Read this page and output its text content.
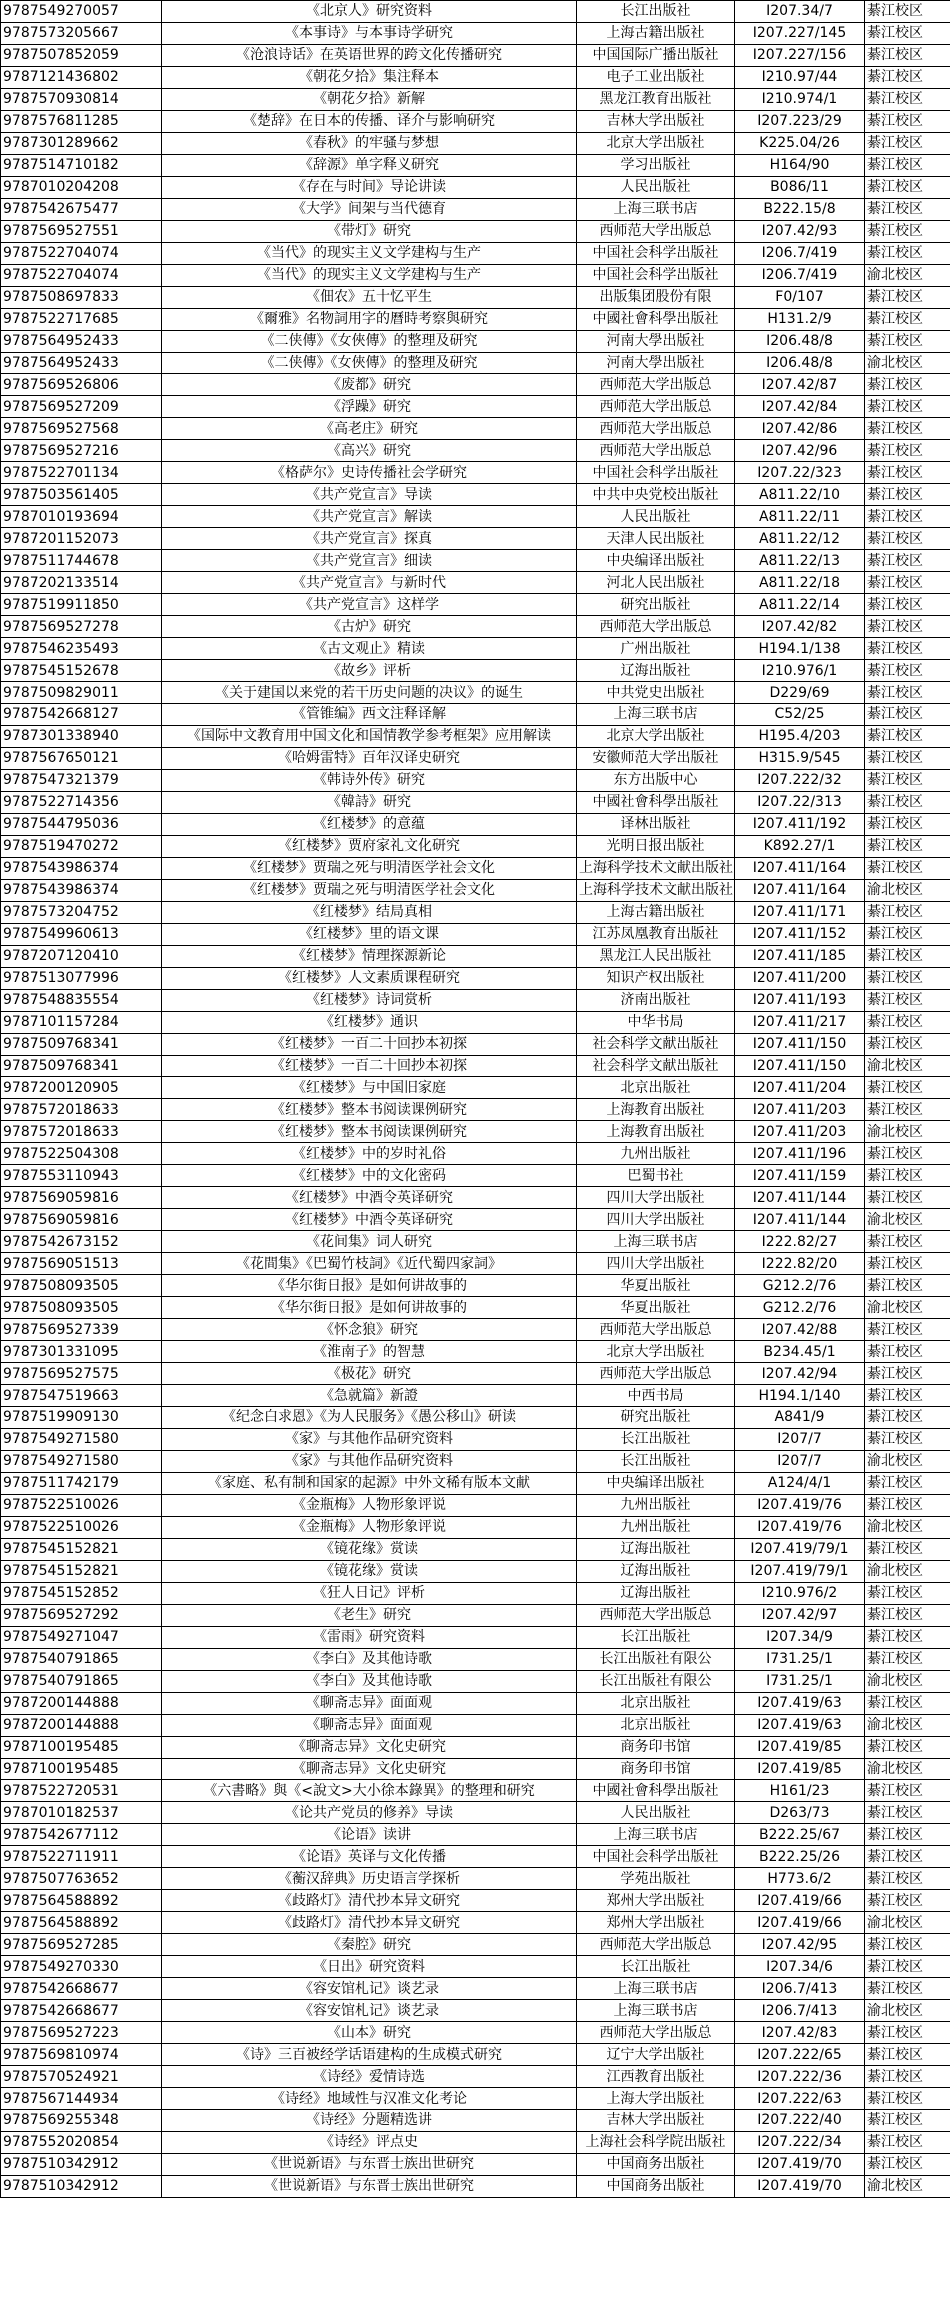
9787549270057	《北京人》研究资料	长江出版社	I207.34/7	綦江校区
9787573205667	《本事诗》与本事诗学研究	上海古籍出版社	I207.227/145	綦江校区
9787507852059	《沧浪诗话》在英语世界的跨文化传播研究	中国国际广播出版社	I207.227/156	綦江校区
9787121436802	《朝花夕拾》集注释本	电子工业出版社	I210.97/44	綦江校区
9787570930814	《朝花夕拾》新解	黑龙江教育出版社	I210.974/1	綦江校区
9787576811285	《楚辞》在日本的传播、译介与影响研究	吉林大学出版社	I207.223/29	綦江校区
9787301289662	《春秋》的牢骚与梦想	北京大学出版社	K225.04/26	綦江校区
9787514710182	《辞源》单字释义研究	学习出版社	H164/90	綦江校区
9787010204208	《存在与时间》导论讲读	人民出版社	B086/11	綦江校区
9787542675477	《大学》间架与当代德育	上海三联书店	B222.15/8	綦江校区
9787569527551	《带灯》研究	西师范大学出版总	I207.42/93	綦江校区
9787522704074	《当代》的现实主义文学建构与生产	中国社会科学出版社	I206.7/419	綦江校区
9787522704074	《当代》的现实主义文学建构与生产	中国社会科学出版社	I206.7/419	渝北校区
9787508697833	《佃农》五十忆平生	出版集团股份有限	F0/107	綦江校区
9787522717685	《爾雅》名物詞用字的曆時考察與研究	中國社會科學出版社	H131.2/9	綦江校区
9787564952433	《二侠傳》《女俠傳》的整理及研究	河南大學出版社	I206.48/8	綦江校区
9787564952433	《二侠傳》《女俠傳》的整理及研究	河南大學出版社	I206.48/8	渝北校区
9787569526806	《废都》研究	西师范大学出版总	I207.42/87	綦江校区
9787569527209	《浮躁》研究	西师范大学出版总	I207.42/84	綦江校区
9787569527568	《高老庄》研究	西师范大学出版总	I207.42/86	綦江校区
9787569527216	《高兴》研究	西师范大学出版总	I207.42/96	綦江校区
9787522701134	《格萨尔》史诗传播社会学研究	中国社会科学出版社	I207.22/323	綦江校区
9787503561405	《共产党宣言》导读	中共中央党校出版社	A811.22/10	綦江校区
9787010193694	《共产党宣言》解读	人民出版社	A811.22/11	綦江校区
9787201152073	《共产党宣言》探真	天津人民出版社	A811.22/12	綦江校区
9787511744678	《共产党宣言》细读	中央编译出版社	A811.22/13	綦江校区
9787202133514	《共产党宣言》与新时代	河北人民出版社	A811.22/18	綦江校区
9787519911850	《共产党宣言》这样学	研究出版社	A811.22/14	綦江校区
9787569527278	《古炉》研究	西师范大学出版总	I207.42/82	綦江校区
9787546235493	《古文观止》精读	广州出版社	H194.1/138	綦江校区
9787545152678	《故乡》评析	辽海出版社	I210.976/1	綦江校区
9787509829011	《关于建国以来党的若干历史问题的决议》的诞生	中共党史出版社	D229/69	綦江校区
9787542668127	《管锥编》西文注释译解	上海三联书店	C52/25	綦江校区
9787301338940	《国际中文教育用中国文化和国情教学参考框架》应用解读	北京大学出版社	H195.4/203	綦江校区
9787567650121	《哈姆雷特》百年汉译史研究	安徽师范大学出版社	H315.9/545	綦江校区
9787547321379	《韩诗外传》研究	东方出版中心	I207.222/32	綦江校区
9787522714356	《韓詩》研究	中國社會科學出版社	I207.22/313	綦江校区
9787544795036	《红楼梦》的意蕴	译林出版社	I207.411/192	綦江校区
9787519470272	《红楼梦》贾府家礼文化研究	光明日报出版社	K892.27/1	綦江校区
9787543986374	《红楼梦》贾瑞之死与明清医学社会文化	上海科学技术文献出版社	I207.411/164	綦江校区
9787543986374	《红楼梦》贾瑞之死与明清医学社会文化	上海科学技术文献出版社	I207.411/164	渝北校区
9787573204752	《红楼梦》结局真相	上海古籍出版社	I207.411/171	綦江校区
9787549960613	《红楼梦》里的语文课	江苏凤凰教育出版社	I207.411/152	綦江校区
9787207120410	《红楼梦》情理探源新论	黑龙江人民出版社	I207.411/185	綦江校区
9787513077996	《红楼梦》人文素质课程研究	知识产权出版社	I207.411/200	綦江校区
9787548835554	《红楼梦》诗词赏析	济南出版社	I207.411/193	綦江校区
9787101157284	《红楼梦》通识	中华书局	I207.411/217	綦江校区
9787509768341	《红楼梦》一百二十回抄本初探	社会科学文献出版社	I207.411/150	綦江校区
9787509768341	《红楼梦》一百二十回抄本初探	社会科学文献出版社	I207.411/150	渝北校区
9787200120905	《红楼梦》与中国旧家庭	北京出版社	I207.411/204	綦江校区
9787572018633	《红楼梦》整本书阅读课例研究	上海教育出版社	I207.411/203	綦江校区
9787572018633	《红楼梦》整本书阅读课例研究	上海教育出版社	I207.411/203	渝北校区
9787522504308	《红楼梦》中的岁时礼俗	九州出版社	I207.411/196	綦江校区
9787553110943	《红楼梦》中的文化密码	巴蜀书社	I207.411/159	綦江校区
9787569059816	《红楼梦》中酒令英译研究	四川大学出版社	I207.411/144	綦江校区
9787569059816	《红楼梦》中酒令英译研究	四川大学出版社	I207.411/144	渝北校区
9787542673152	《花间集》词人研究	上海三联书店	I222.82/27	綦江校区
9787569051513	《花間集》《巴蜀竹枝詞》《近代蜀四家詞》	四川大学出版社	I222.82/20	綦江校区
9787508093505	《华尔街日报》是如何讲故事的	华夏出版社	G212.2/76	綦江校区
9787508093505	《华尔街日报》是如何讲故事的	华夏出版社	G212.2/76	渝北校区
9787569527339	《怀念狼》研究	西师范大学出版总	I207.42/88	綦江校区
9787301331095	《淮南子》的智慧	北京大学出版社	B234.45/1	綦江校区
9787569527575	《极花》研究	西师范大学出版总	I207.42/94	綦江校区
9787547519663	《急就篇》新證	中西书局	H194.1/140	綦江校区
9787519909130	《纪念白求恩》《为人民服务》《愚公移山》研读	研究出版社	A841/9	綦江校区
9787549271580	《家》与其他作品研究资料	长江出版社	I207/7	綦江校区
9787549271580	《家》与其他作品研究资料	长江出版社	I207/7	渝北校区
9787511742179	《家庭、私有制和国家的起源》中外文稀有版本文献	中央编译出版社	A124/4/1	綦江校区
9787522510026	《金瓶梅》人物形象评说	九州出版社	I207.419/76	綦江校区
9787522510026	《金瓶梅》人物形象评说	九州出版社	I207.419/76	渝北校区
9787545152821	《镜花缘》赏读	辽海出版社	I207.419/79/1	綦江校区
9787545152821	《镜花缘》赏读	辽海出版社	I207.419/79/1	渝北校区
9787545152852	《狂人日记》评析	辽海出版社	I210.976/2	綦江校区
9787569527292	《老生》研究	西师范大学出版总	I207.42/97	綦江校区
9787549271047	《雷雨》研究资料	长江出版社	I207.34/9	綦江校区
9787540791865	《李白》及其他诗歌	长江出版社有限公	I731.25/1	綦江校区
9787540791865	《李白》及其他诗歌	长江出版社有限公	I731.25/1	渝北校区
9787200144888	《聊斋志异》面面观	北京出版社	I207.419/63	綦江校区
9787200144888	《聊斋志异》面面观	北京出版社	I207.419/63	渝北校区
9787100195485	《聊斋志异》文化史研究	商务印书馆	I207.419/85	綦江校区
9787100195485	《聊斋志异》文化史研究	商务印书馆	I207.419/85	渝北校区
9787522720531	《六書略》與《<說文>大小徐本錄異》的整理和研究	中國社會科學出版社	H161/23	綦江校区
9787010182537	《论共产党员的修养》导读	人民出版社	D263/73	綦江校区
9787542677112	《论语》读讲	上海三联书店	B222.25/67	綦江校区
9787522711911	《论语》英译与文化传播	中国社会科学出版社	B222.25/26	綦江校区
9787507763652	《蘅汉辞典》历史语言学探析	学苑出版社	H773.6/2	綦江校区
9787564588892	《歧路灯》清代抄本异文研究	郑州大学出版社	I207.419/66	綦江校区
9787564588892	《歧路灯》清代抄本异文研究	郑州大学出版社	I207.419/66	渝北校区
9787569527285	《秦腔》研究	西师范大学出版总	I207.42/95	綦江校区
9787549270330	《日出》研究资料	长江出版社	I207.34/6	綦江校区
9787542668677	《容安馆札记》谈艺录	上海三联书店	I206.7/413	綦江校区
9787542668677	《容安馆札记》谈艺录	上海三联书店	I206.7/413	渝北校区
9787569527223	《山本》研究	西师范大学出版总	I207.42/83	綦江校区
9787569810974	《诗》三百被经学话语建构的生成模式研究	辽宁大学出版社	I207.222/65	綦江校区
9787570524921	《诗经》爱情诗选	江西教育出版社	I207.222/36	綦江校区
9787567144934	《诗经》地域性与汉准文化考论	上海大学出版社	I207.222/63	綦江校区
9787569255348	《诗经》分题精选讲	吉林大学出版社	I207.222/40	綦江校区
9787552020854	《诗经》评点史	上海社会科学院出版社	I207.222/34	綦江校区
9787510342912	《世说新语》与东晋士族出世研究	中国商务出版社	I207.419/70	綦江校区
9787510342912	《世说新语》与东晋士族出世研究	中国商务出版社	I207.419/70	渝北校区
